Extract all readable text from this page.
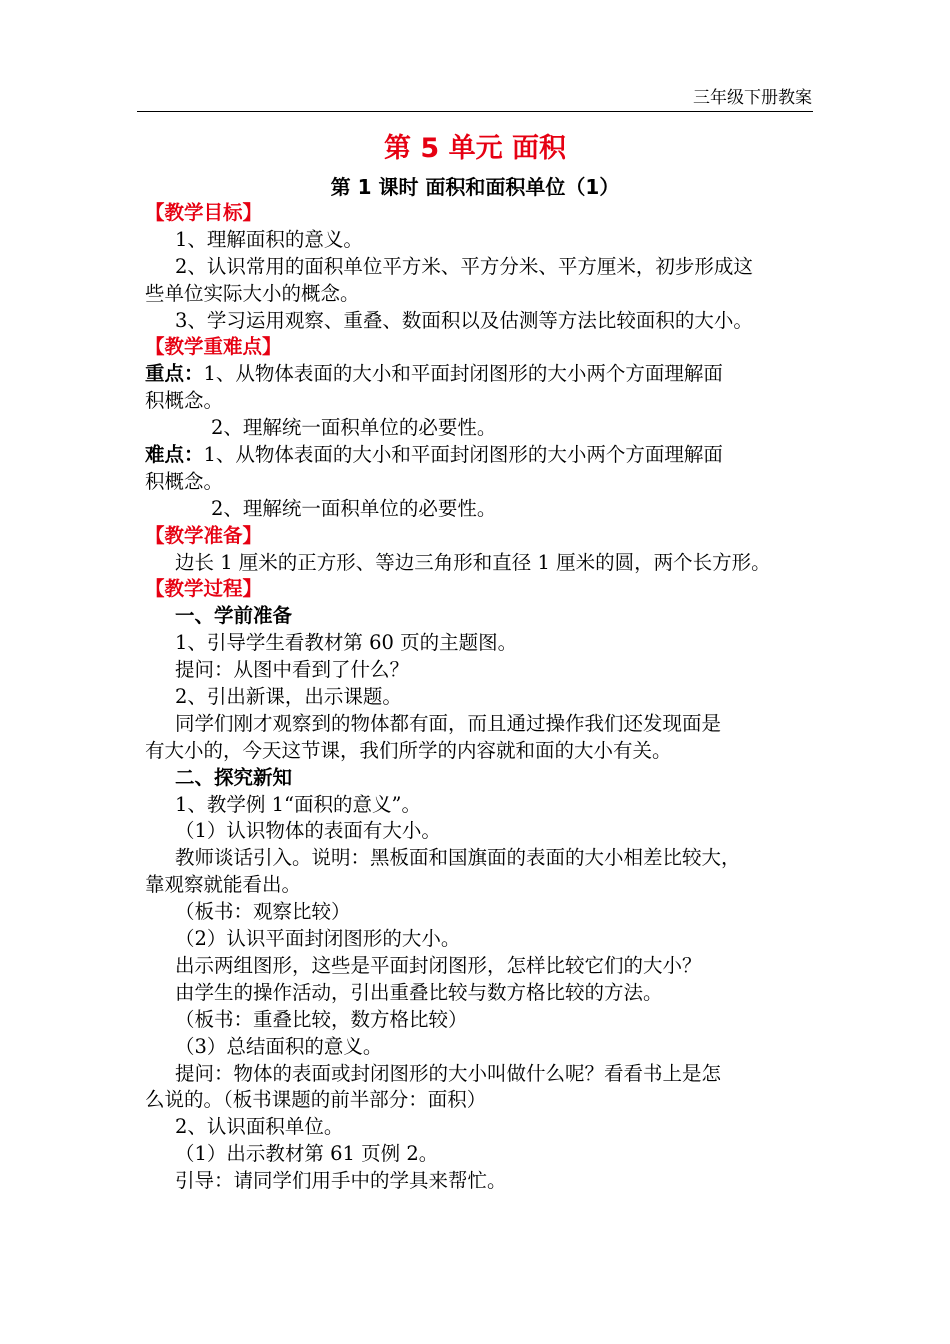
三年级下册教案
第 5 单元 面积
第 1 课时 面积和面积单位（1）
【教学目标】
1、理解面积的意义。
2、认识常用的面积单位平方米、平方分米、平方厘米，初步形成这
些单位实际大小的概念。
3、学习运用观察、重叠、数面积以及估测等方法比较面积的大小。
【教学重难点】
重点：1、从物体表面的大小和平面封闭图形的大小两个方面理解面
积概念。
2、理解统一面积单位的必要性。
难点：1、从物体表面的大小和平面封闭图形的大小两个方面理解面
积概念。
2、理解统一面积单位的必要性。
【教学准备】
边长 1 厘米的正方形、等边三角形和直径 1 厘米的圆，两个长方形。
【教学过程】
一、学前准备
1、引导学生看教材第 60 页的主题图。
提问：从图中看到了什么？
2、引出新课，出示课题。
同学们刚才观察到的物体都有面，而且通过操作我们还发现面是
有大小的，今天这节课，我们所学的内容就和面的大小有关。
二、探究新知
1、教学例 1“面积的意义”。
（1）认识物体的表面有大小。
教师谈话引入。说明：黑板面和国旗面的表面的大小相差比较大，
靠观察就能看出。
（板书：观察比较）
（2）认识平面封闭图形的大小。
出示两组图形，这些是平面封闭图形，怎样比较它们的大小？
由学生的操作活动，引出重叠比较与数方格比较的方法。
（板书：重叠比较，数方格比较）
（3）总结面积的意义。
提问：物体的表面或封闭图形的大小叫做什么呢？看看书上是怎
么说的。（板书课题的前半部分：面积）
2、认识面积单位。
（1）出示教材第 61 页例 2。
引导：请同学们用手中的学具来帮忙。
